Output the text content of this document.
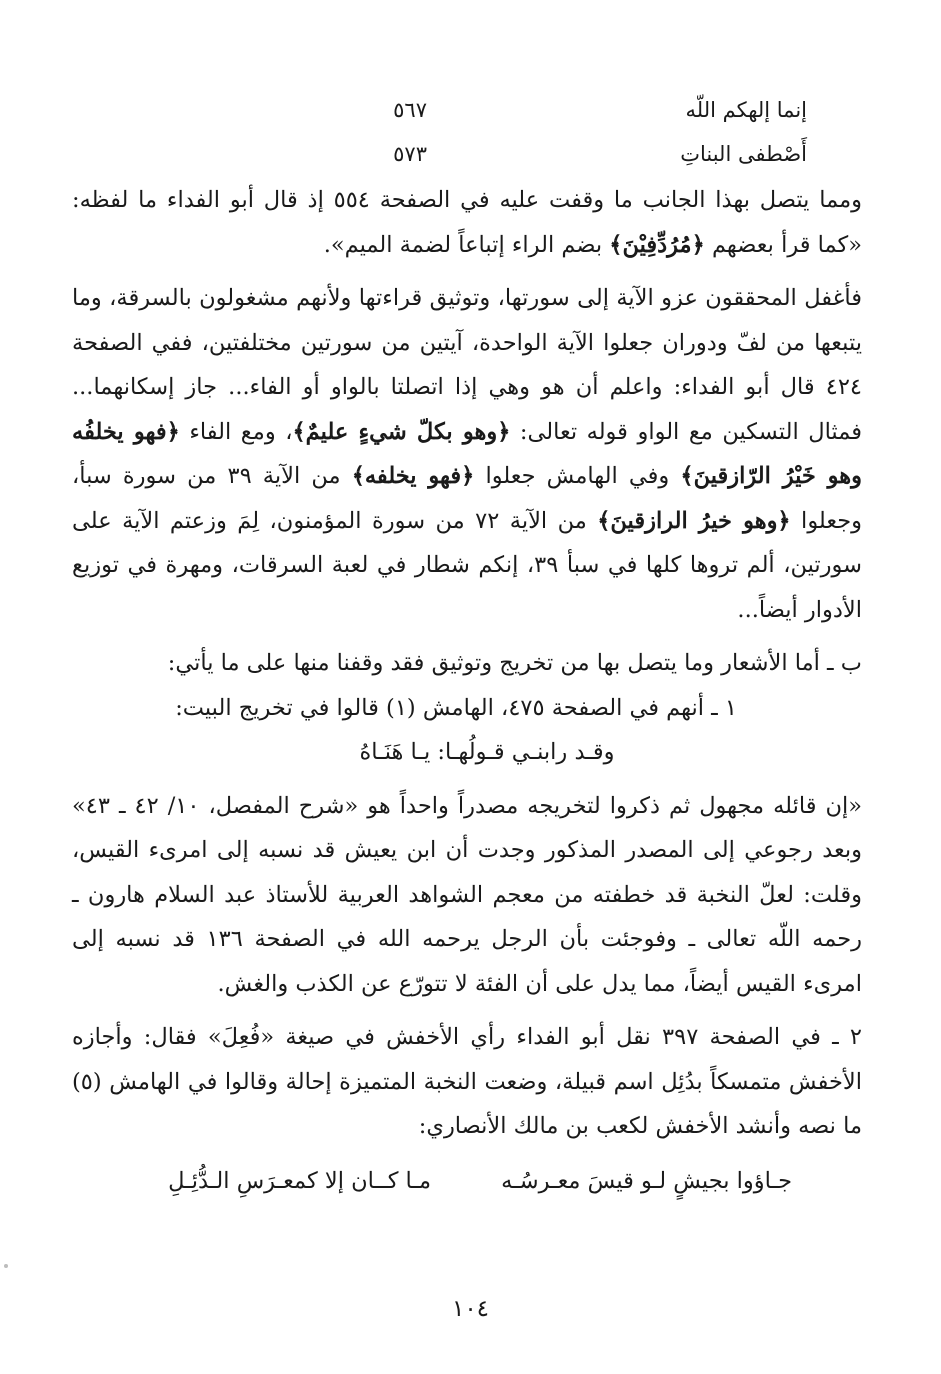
إنما إلهكم اللّه
٥٦٧
أَصْطفى البناتِ
٥٧٣

ومما يتصل بهذا الجانب ما وقفت عليه في الصفحة ٥٥٤ إذ قال أبو الفداء ما لفظه: «كما قرأ بعضهم ﴿مُرُدِّفِيْنَ﴾ بضم الراء إتباعاً لضمة الميم».

فأغفل المحققون عزو الآية إلى سورتها، وتوثيق قراءتها ولأنهم مشغولون بالسرقة، وما يتبعها من لفّ ودوران جعلوا الآية الواحدة، آيتين من سورتين مختلفتين، ففي الصفحة ٤٢٤ قال أبو الفداء: واعلم أن هو وهي إذا اتصلتا بالواو أو الفاء... جاز إسكانهما... فمثال التسكين مع الواو قوله تعالى: ﴿وهو بكلّ شيءٍ عليمٌ﴾، ومع الفاء ﴿فهو يخلفُه وهو خَيْرُ الرّازقينَ﴾ وفي الهامش جعلوا ﴿فهو يخلفه﴾ من الآية ٣٩ من سورة سبأ، وجعلوا ﴿وهو خيرُ الرازقينَ﴾ من الآية ٧٢ من سورة المؤمنون، لِمَ وزعتم الآية على سورتين، ألم تروها كلها في سبأ ٣٩، إنكم شطار في لعبة السرقات، ومهرة في توزيع الأدوار أيضاً...

ب ـ أما الأشعار وما يتصل بها من تخريج وتوثيق فقد وقفنا منها على ما يأتي:

١ ـ أنهم في الصفحة ٤٧٥، الهامش (١) قالوا في تخريج البيت:

وقـد رابنـي قـولُهـا: يـا هَنَـاهُ

«إن قائله مجهول ثم ذكروا لتخريجه مصدراً واحداً هو «شرح المفصل، ١٠/ ٤٢ ـ ٤٣» وبعد رجوعي إلى المصدر المذكور وجدت أن ابن يعيش قد نسبه إلى امرىء القيس، وقلت: لعلّ النخبة قد خطفته من معجم الشواهد العربية للأستاذ عبد السلام هارون ـ رحمه اللّه تعالى ـ وفوجئت بأن الرجل يرحمه الله في الصفحة ١٣٦ قد نسبه إلى امرىء القيس أيضاً، مما يدل على أن الفئة لا تتورّع عن الكذب والغش.

٢ ـ في الصفحة ٣٩٧ نقل أبو الفداء رأي الأخفش في صيغة «فُعِلَ» فقال: وأجازه الأخفش متمسكاً بدُئِل اسم قبيلة، وضعت النخبة المتميزة إحالة وقالوا في الهامش (٥) ما نصه وأنشد الأخفش لكعب بن مالك الأنصاري:

جـاؤوا بجيشٍ لـو قيسَ معـرسُـه
مـا كــان إلا كمعـرَسِ الـدُّئِـلِ
١٠٤
